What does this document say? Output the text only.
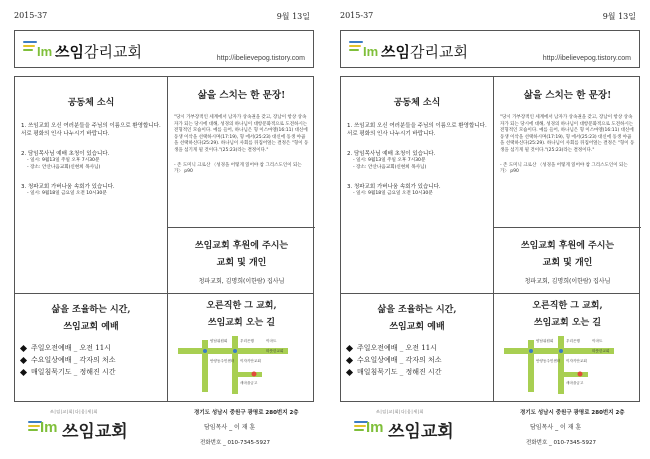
2015-37	9월 13일
Im 쓰임감리교회	http://ibelievepog.tistory.com
공동체 소식
1. 쓰임교회 오신 여러분들을 주님의 이름으로 환영합니다. 서로 평화의 인사 나누시기 바랍니다.
2. 담임목사님 예배 초청이 있습니다.
- 일시: 9월13일 주일 오후 7시30분
- 장소: 안산나음교회(신현희 목사님)
3. 청파교회 가버나움 속회가 있습니다.
- 일시: 9월18일 금요일 오전 10시30분
삶을 스치는 한 문장!
"당시 가부장적인 세계에서 남자가 상속권을 갖고, 장남이 항상 상속자가 되는 당시에 대해, 성경의 하나님이 대항문화적으로 도전하시는 전형적인 모습이다. 예를 들어, 하나님은 형 이스마엘(16:11) 대신에 동생 이삭을 선택하시며(17:19), 형 에서(25:23) 대신에 동생 야곱을 선택하신다(25:29). 하나님이 사회를 뒤집어엎는 결정은 "형이 동생을 섬기게 될 것이다."(25:23)라는 결정이다."
- 존 도미닉 크로산 〈성경을 어떻게 읽어야 참 그리스도인이 되는가〉 p90
쓰임교회 후원에 주시는
교회 및 개인
청파교회, 김명희(이한람) 집사님
삶을 조율하는 시간,
쓰임교회 예배
주일오전예배 _ 오전 11시
수요일상예배 _ 각자의 처소
매일침묵기도 _ 정해진 시간
오른직한 그 교회,
쓰임교회 오는 길
양남위원회	우리은행	이마트
안양동주민센터 이자키안교회
새마을금고
따뜻한교회
쓰|임|교|회|다|움|세|회
Im 쓰임교회
경기도 성남시 중원구 광명로 280번지 2층
담임목사 _ 이 재 훈
전화번호 _ 010-7345-5927
2015-37	9월 13일
Im 쓰임감리교회	http://ibelievepog.tistory.com
공동체 소식
1. 쓰임교회 오신 여러분들을 주님의 이름으로 환영합니다. 서로 평화의 인사 나누시기 바랍니다.
2. 담임목사님 예배 초청이 있습니다.
- 일시: 9월13일 주일 오후 7시30분
- 장소: 안산나음교회(신현희 목사님)
3. 청파교회 가버나움 속회가 있습니다.
- 일시: 9월18일 금요일 오전 10시30분
삶을 스치는 한 문장!
"당시 가부장적인 세계에서 남자가 상속권을 갖고, 장남이 항상 상속자가 되는 당시에 대해, 성경의 하나님이 대항문화적으로 도전하시는 전형적인 모습이다. 예를 들어, 하나님은 형 이스마엘(16:11) 대신에 동생 이삭을 선택하시며(17:19), 형 에서(25:23) 대신에 동생 야곱을 선택하신다(25:29). 하나님이 사회를 뒤집어엎는 결정은 "형이 동생을 섬기게 될 것이다."(25:23)라는 결정이다."
- 존 도미닉 크로산 〈성경을 어떻게 읽어야 참 그리스도인이 되는가〉 p90
쓰임교회 후원에 주시는
교회 및 개인
청파교회, 김명희(이한람) 집사님
삶을 조율하는 시간,
쓰임교회 예배
주일오전예배 _ 오전 11시
수요일상예배 _ 각자의 처소
매일침묵기도 _ 정해진 시간
오른직한 그 교회,
쓰임교회 오는 길
양남위원회	우리은행	이마트
안양동주민센터 이자키안교회
새마을금고
따뜻한교회
쓰|임|교|회|다|움|세|회
Im 쓰임교회
경기도 성남시 중원구 광명로 280번지 2층
담임목사 _ 이 재 훈
전화번호 _ 010-7345-5927
